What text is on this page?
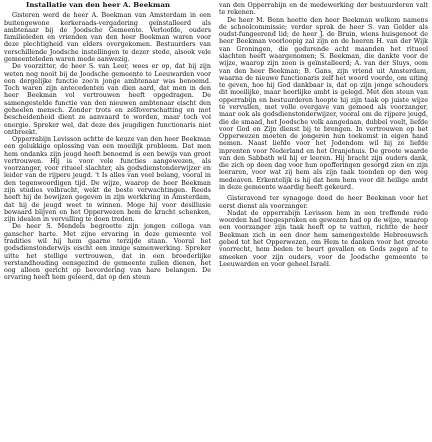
Installatie van den heer A. Beekman

Gisteren werd de heer A. Beekman van Amsterdam in een buitengewone kerkeraads-vergadering geïnstalleerd als ambtenaar bij de Joodsche Gemeente. Verloofde, ouders familieleden en vrienden van den heer Beekman waren voor deze plechtigheid van elders overgekomen. Bestuurders van verschillende Joodsche instellingen te dezer stede, alsook vele gemeenteleden waren mede aanwezig.

De voorzitter, de heer S. van Leer, wees er op, dat bij zijn weten nog nooit bij de Joodsche gemeente te Leeuwarden voor een dergelijke functie zoo'n jonge ambtenaar was benoemd. Toch waren zijn antecedenten van dien aard, dat men in den heer Beekman vol vertrouwen heeft opgedragen. De samengestelde functie van den nieuwen ambtenaar eischt den geheelen mensch. Zonder trots en zelfoverschatting en met bescheidenheid dient ze aanvaard te worden, maar toch vol energie. Spreker wel, dat deze des jeugdigen functionaris niet ontbreekt.

Opperrabijn Levisson achtte de keuze van den heer Beekman een gelukkige oplossing van een moeilijk probleem. Dat men hem ondanks zijn jeugd heeft benoemd is een bewijs van groot vertrouwen. Hij is voor vele functies aangewezen, als voorzanger, voor ritueel slachter, als godsdienstonderwijzer en leider van de rijpere jeugd. 't Is alles van veel belang, vooral in den tegenwoordigen tijd. De wijze, waarop de heer Beekman zijn studies volbracht, wekt de beste verwachtingen. Reeds heeft hij de bewijzen gegeven in zijn werkkring in Amsterdam, dat hij de jeugd weet te winnen. Moge hij voor desillusie bewaard blijven en het Opperwezen hem de kracht schenken, zijn idealen in vervulling te doen treden.

De heer S. Mendels begroette zijn jongen collega van ganscher harte. Met zijne ervaring in deze gemeente vol tradities wil hij hem gaarne terzijde staan. Vooral het godsdienstonderwijs eischt een innige samenwerking. Spreker uitte het stellige vertrouwen, dat in een broederlijke verstandhouding eensgezind de gemeente zullen dienen, het oog alleen gericht op bevordering van hare belangen. De ervaring heeft hem geleerd, dat op den steun

van den Opperrabijn en de medewerking der bestuurderen valt te rekenen.

De heer M. Benn heette den heer Beekman welkom namens de schoolcommissie; verder sprak de heer S. van Gelder als oudst-fungeerend lid; de heer J. de Bruin, wiens huisgenoot de heer Beekman voorloopig zal zijn en de heeren H. van der Wijk van Groningen, die gedurende acht maanden het ritueel slachten heeft waargenomen; S. Beekman, die dankte voor de wijze, waarop zijn zoon is geïnstalleerd; A. van der Sluys, oom van den heer Beekman; B. Gans, zijn vriend uit Amsterdam, waarna de nieuwe functionaris zelf het woord voerde, om uiting te geven, hoe hij God dankbaar is, dat op zijn jonge schouders dit moeilijke, maar heerlijke ambt is gelegd. Met den steun van opperrabijn en bestuurderen hoopte hij zijn taak op juiste wijze te vervullen, met volle overgave van gemoed als voorzanger, maar ook als godsdienstonderwijzer, vooral om de rijpere jeugd, die de smaad, het Joodsche volk aangedaan, dubbel voelt, liefde voor God en Zijn dienst bij te brengen. In vertrouwen op het Opperwezen moeten de jongeren hun toekomst in eigen hand nemen. Naast liefde voor het Jodendom wil hij ze liefde inprenten voor Nederland en het Oranjehuis. De groote waarde van den Sabbath wil hij er leeren. Hij bracht zijn ouders dank, die zich op deen dag voor hun opofferingen gesorgd zien en zijn leeraren, voor wat zij hem als zijn taak toonden op den weg medeaven. Erkentelijk is hij dat hem hem voor dit heilige ambt in deze gemeente waardig heeft gekeurd.

Gisteravond ter synagoge deed de heer Beekman voor het eerst dienst als voorzanger.

Nadat de opperrabijn Levisson hem in een treffende rede woorden had toegesproken en gewezen had op de wijze, waarop een voorzanger zijn taak heeft op te vatten, richtte de heer Beekman zich in een door hem samengestelde Hebreeuwsch gebed tot het Opperwezen, om Hem te danken voor het groote voorrecht, hem beden te beurt gevallen en Gods zegen af te smeeken voor zijn ouders, voor de Joodsche gemeente te Leeuwarden en voor geheel Israël.
